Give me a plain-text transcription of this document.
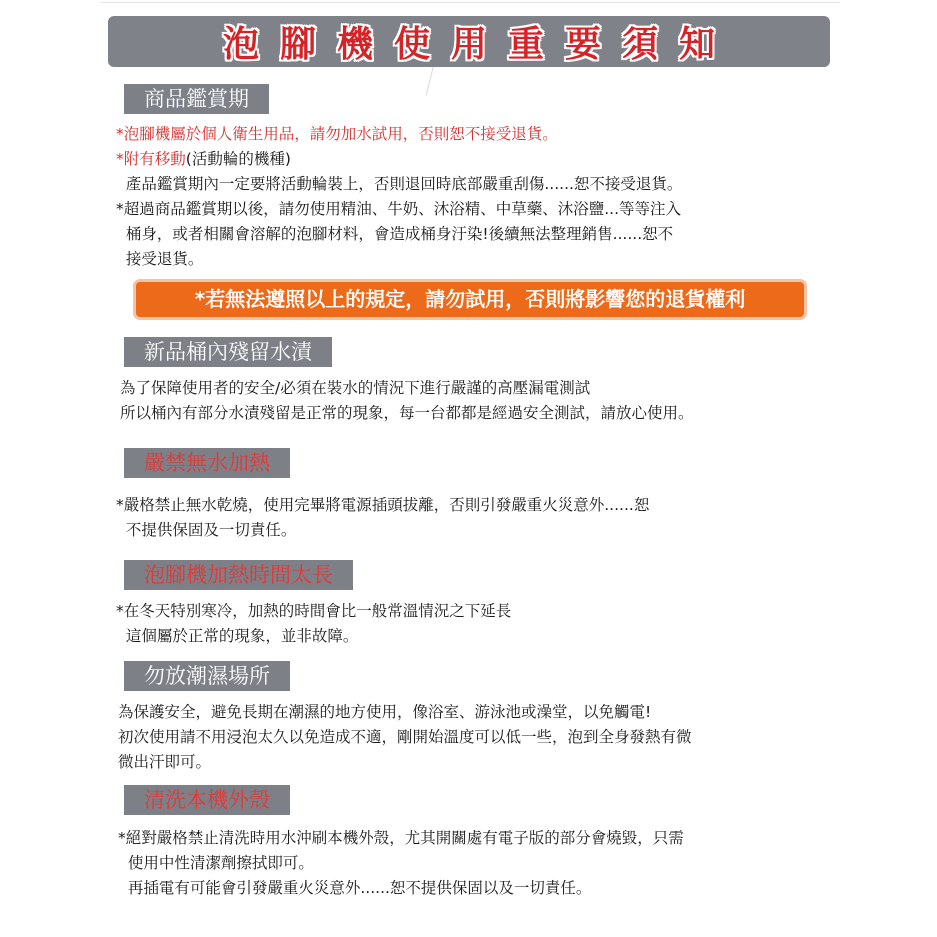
泡腳機使用重要須知
商品鑑賞期
*泡腳機屬於個人衛生用品，請勿加水試用，否則恕不接受退貨。
*附有移動(活動輪的機種)
產品鑑賞期內一定要將活動輪裝上，否則退回時底部嚴重刮傷......恕不接受退貨。
*超過商品鑑賞期以後，請勿使用精油、牛奶、沐浴精、中草藥、沐浴鹽...等等注入
桶身，或者相關會溶解的泡腳材料，會造成桶身汙染!後續無法整理銷售......恕不
接受退貨。
*若無法遵照以上的規定，請勿試用，否則將影響您的退貨權利
新品桶內殘留水漬
為了保障使用者的安全/必須在裝水的情況下進行嚴謹的高壓漏電測試
所以桶內有部分水漬殘留是正常的現象，每一台都都是經過安全測試，請放心使用。
嚴禁無水加熱
*嚴格禁止無水乾燒，使用完畢將電源插頭拔離，否則引發嚴重火災意外......恕
不提供保固及一切責任。
泡腳機加熱時間太長
*在冬天特別寒冷，加熱的時間會比一般常溫情況之下延長
這個屬於正常的現象，並非故障。
勿放潮濕場所
為保護安全，避免長期在潮濕的地方使用，像浴室、游泳池或澡堂，以免觸電!
初次使用請不用浸泡太久以免造成不適，剛開始溫度可以低一些，泡到全身發熱有微
微出汗即可。
清洗本機外殼
*絕對嚴格禁止清洗時用水沖刷本機外殼，尤其開關處有電子版的部分會燒毀，只需
使用中性清潔劑擦拭即可。
再插電有可能會引發嚴重火災意外......恕不提供保固以及一切責任。
